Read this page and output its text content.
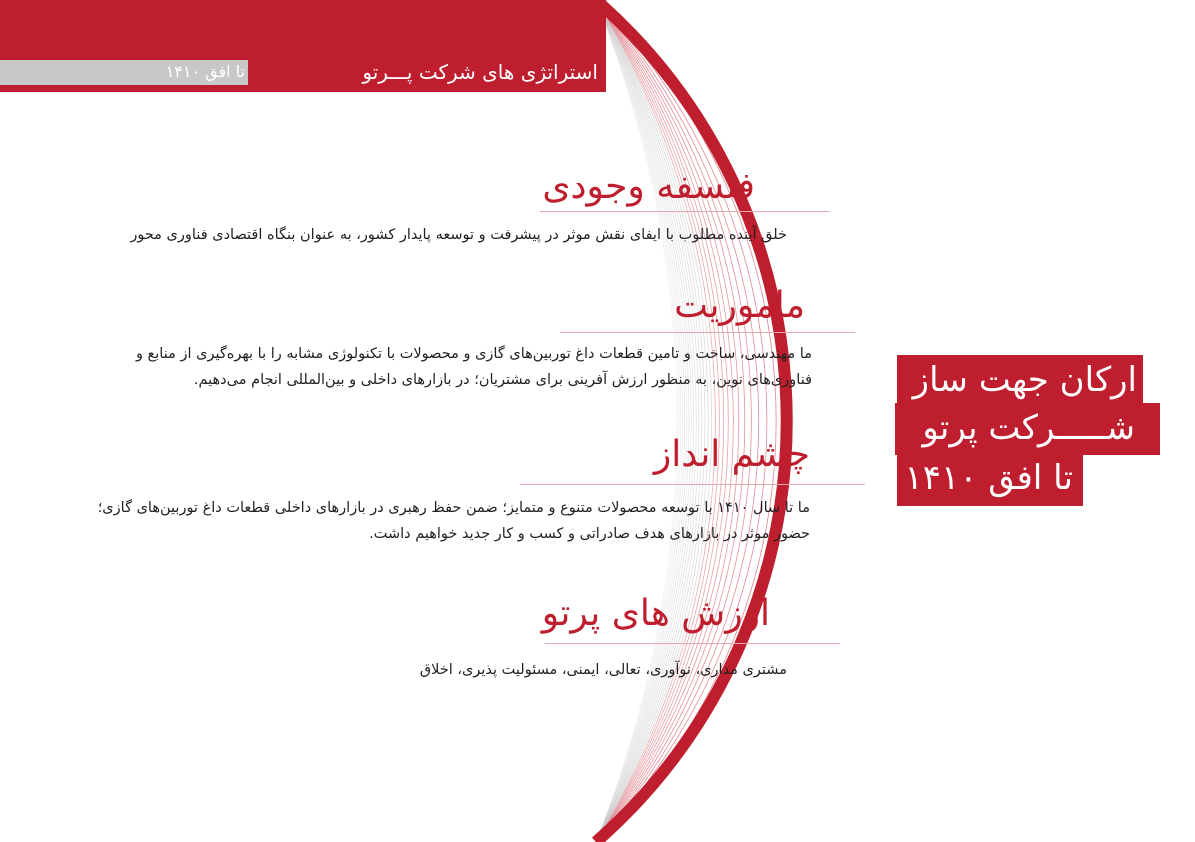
استراتژی های شرکت پـــرتو
تا افق ۱۴۱۰
ارکان جهت ساز
شـــــرکت پرتو
تا افق ۱۴۱۰
فلسفه وجودی
خلق آینده مطلوب با ایفای نقش موثر در پیشرفت و توسعه پایدار کشور، به عنوان بنگاه اقتصادی فناوری محور
ماموریت
ما مهندسی، ساخت و تامین قطعات داغ توربین‌های گازی و محصولات با تکنولوژی مشابه را با بهره‌گیری از منابع و فناوری‌های نوین، به منظور ارزش آفرینی برای مشتریان؛ در بازارهای داخلی و بین‌المللی انجام می‌دهیم.
چشم انداز
ما تا سال ۱۴۱۰ با توسعه محصولات متنوع و متمایز؛ ضمن حفظ رهبری در بازارهای داخلی قطعات داغ توربین‌های گازی؛ حضور موثر در بازارهای هدف صادراتی و کسب و کار جدید خواهیم داشت.
ارزش های پرتو
مشتری مداری، نوآوری، تعالی، ایمنی، مسئولیت پذیری، اخلاق
